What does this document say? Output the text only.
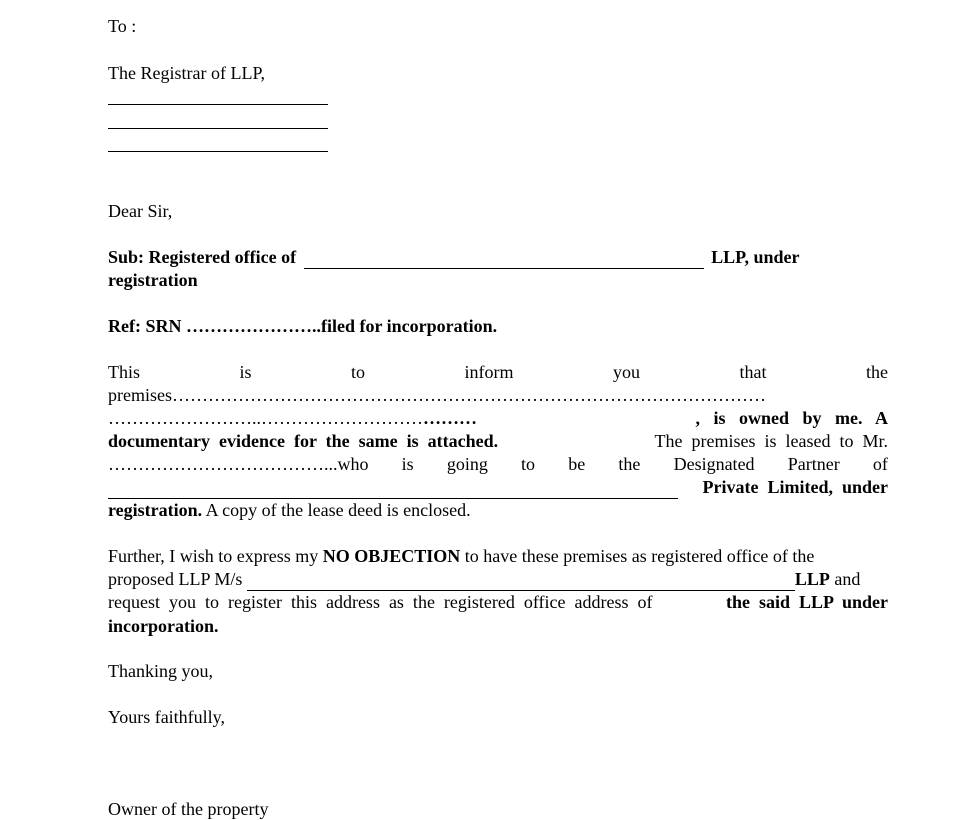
To :

The Registrar of LLP,

Dear Sir,

Sub: Registered office of	LLP, under

registration

Ref: SRN …………………..filed for incorporation.
This	is	to	inform	you	that	the

premises………………………………………………………………………………………

……………………..………………………………	,   is   owned   by   me.   A
documentary  evidence  for  the  same  is  attached.	The  premises  is  leased  to  Mr.
………………………………...who is going to be the Designated Partner of

Private  Limited,  under
registration. A copy of the lease deed is enclosed.
Further, I wish to express my NO OBJECTION to have these premises as registered office of the
proposed LLP M/s
	LLP and
request  you  to  register  this  address  as  the  registered  office  address  of	the  said  LLP  under

incorporation.

Thanking you,

Yours faithfully,

Owner of the property
